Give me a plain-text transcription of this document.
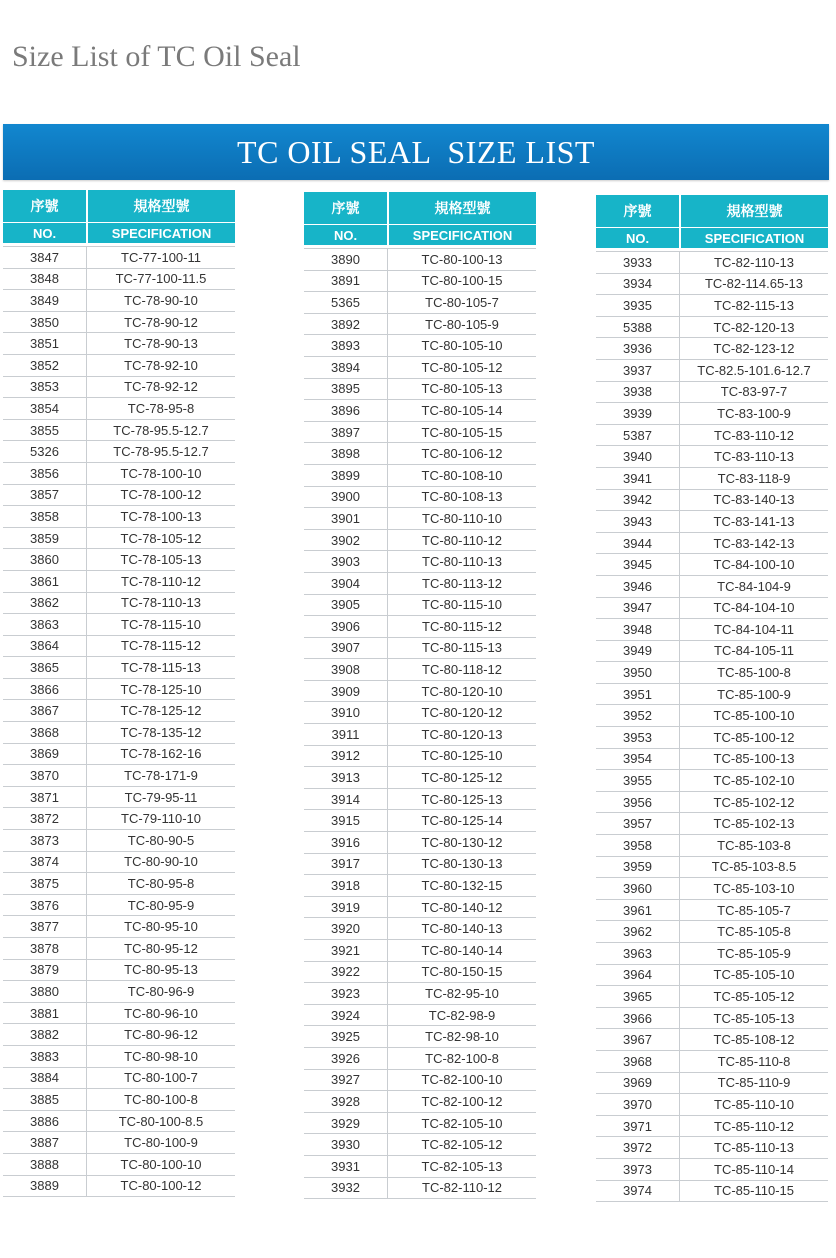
Size List of TC Oil Seal
TC OIL SEAL  SIZE LIST
序號	規格型號
NO.	SPECIFICATION
3847	TC-77-100-11
3848	TC-77-100-11.5
3849	TC-78-90-10
3850	TC-78-90-12
3851	TC-78-90-13
3852	TC-78-92-10
3853	TC-78-92-12
3854	TC-78-95-8
3855	TC-78-95.5-12.7
5326	TC-78-95.5-12.7
3856	TC-78-100-10
3857	TC-78-100-12
3858	TC-78-100-13
3859	TC-78-105-12
3860	TC-78-105-13
3861	TC-78-110-12
3862	TC-78-110-13
3863	TC-78-115-10
3864	TC-78-115-12
3865	TC-78-115-13
3866	TC-78-125-10
3867	TC-78-125-12
3868	TC-78-135-12
3869	TC-78-162-16
3870	TC-78-171-9
3871	TC-79-95-11
3872	TC-79-110-10
3873	TC-80-90-5
3874	TC-80-90-10
3875	TC-80-95-8
3876	TC-80-95-9
3877	TC-80-95-10
3878	TC-80-95-12
3879	TC-80-95-13
3880	TC-80-96-9
3881	TC-80-96-10
3882	TC-80-96-12
3883	TC-80-98-10
3884	TC-80-100-7
3885	TC-80-100-8
3886	TC-80-100-8.5
3887	TC-80-100-9
3888	TC-80-100-10
3889	TC-80-100-12
序號	規格型號
NO.	SPECIFICATION
3890	TC-80-100-13
3891	TC-80-100-15
5365	TC-80-105-7
3892	TC-80-105-9
3893	TC-80-105-10
3894	TC-80-105-12
3895	TC-80-105-13
3896	TC-80-105-14
3897	TC-80-105-15
3898	TC-80-106-12
3899	TC-80-108-10
3900	TC-80-108-13
3901	TC-80-110-10
3902	TC-80-110-12
3903	TC-80-110-13
3904	TC-80-113-12
3905	TC-80-115-10
3906	TC-80-115-12
3907	TC-80-115-13
3908	TC-80-118-12
3909	TC-80-120-10
3910	TC-80-120-12
3911	TC-80-120-13
3912	TC-80-125-10
3913	TC-80-125-12
3914	TC-80-125-13
3915	TC-80-125-14
3916	TC-80-130-12
3917	TC-80-130-13
3918	TC-80-132-15
3919	TC-80-140-12
3920	TC-80-140-13
3921	TC-80-140-14
3922	TC-80-150-15
3923	TC-82-95-10
3924	TC-82-98-9
3925	TC-82-98-10
3926	TC-82-100-8
3927	TC-82-100-10
3928	TC-82-100-12
3929	TC-82-105-10
3930	TC-82-105-12
3931	TC-82-105-13
3932	TC-82-110-12
序號	規格型號
NO.	SPECIFICATION
3933	TC-82-110-13
3934	TC-82-114.65-13
3935	TC-82-115-13
5388	TC-82-120-13
3936	TC-82-123-12
3937	TC-82.5-101.6-12.7
3938	TC-83-97-7
3939	TC-83-100-9
5387	TC-83-110-12
3940	TC-83-110-13
3941	TC-83-118-9
3942	TC-83-140-13
3943	TC-83-141-13
3944	TC-83-142-13
3945	TC-84-100-10
3946	TC-84-104-9
3947	TC-84-104-10
3948	TC-84-104-11
3949	TC-84-105-11
3950	TC-85-100-8
3951	TC-85-100-9
3952	TC-85-100-10
3953	TC-85-100-12
3954	TC-85-100-13
3955	TC-85-102-10
3956	TC-85-102-12
3957	TC-85-102-13
3958	TC-85-103-8
3959	TC-85-103-8.5
3960	TC-85-103-10
3961	TC-85-105-7
3962	TC-85-105-8
3963	TC-85-105-9
3964	TC-85-105-10
3965	TC-85-105-12
3966	TC-85-105-13
3967	TC-85-108-12
3968	TC-85-110-8
3969	TC-85-110-9
3970	TC-85-110-10
3971	TC-85-110-12
3972	TC-85-110-13
3973	TC-85-110-14
3974	TC-85-110-15
